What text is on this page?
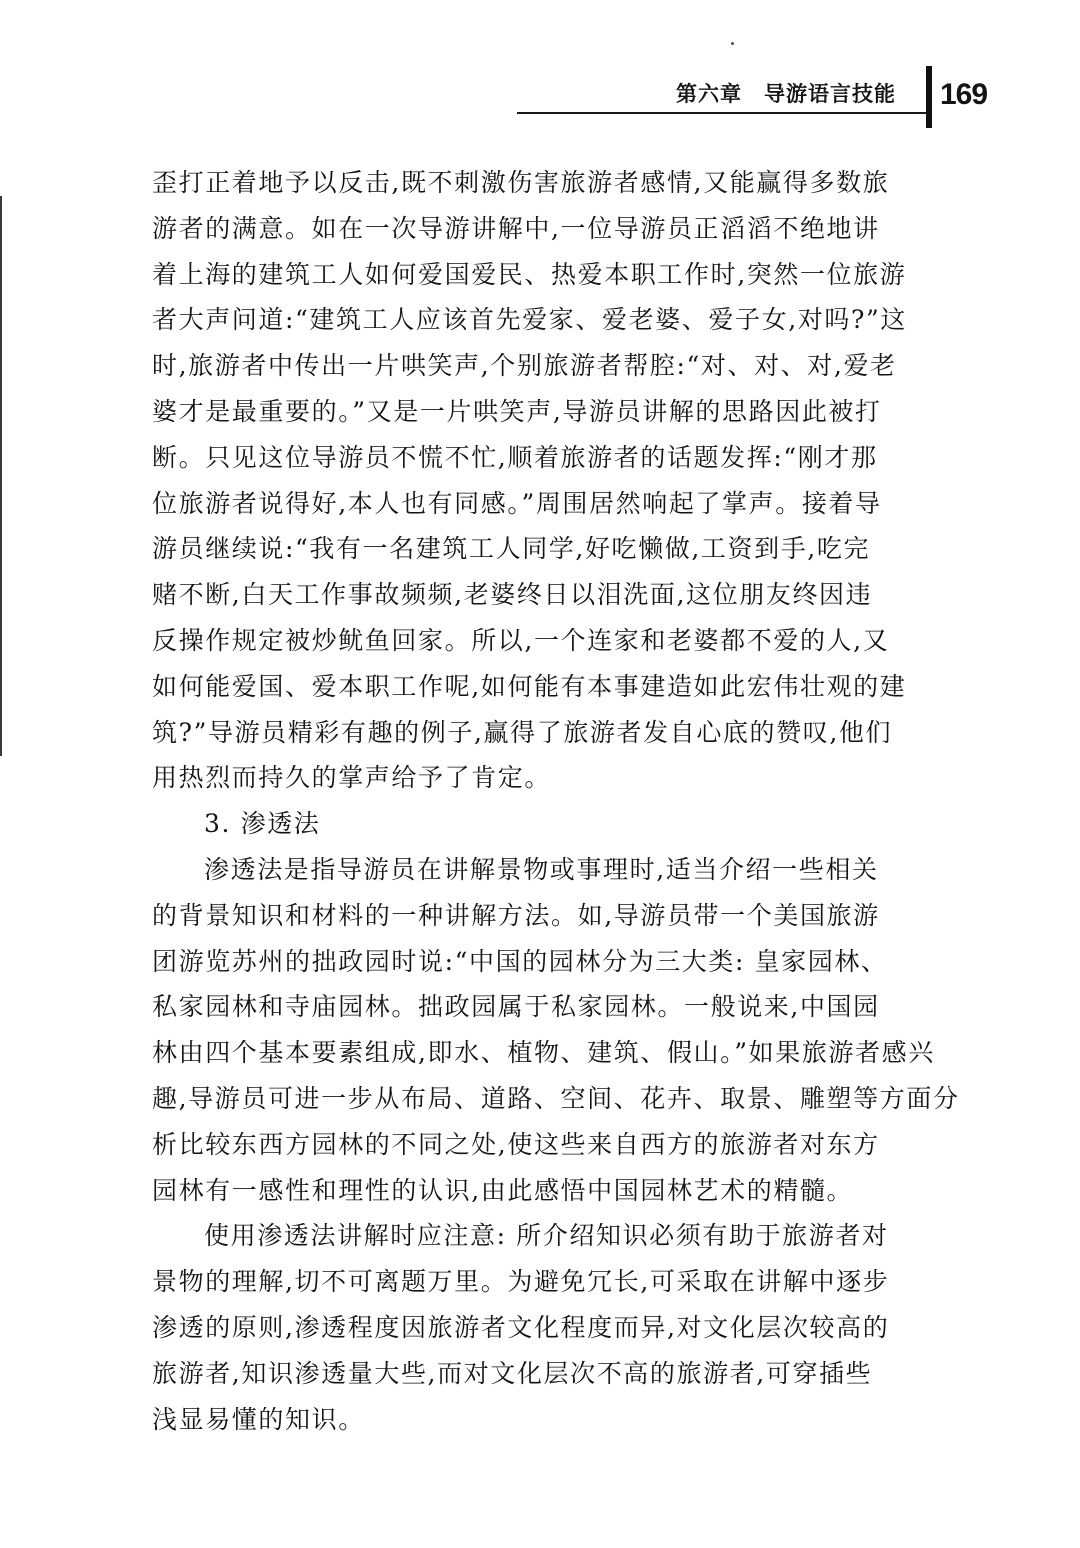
第六章　导游语言技能 169
歪打正着地予以反击,既不刺激伤害旅游者感情,又能赢得多数旅
游者的满意。如在一次导游讲解中,一位导游员正滔滔不绝地讲
着上海的建筑工人如何爱国爱民、热爱本职工作时,突然一位旅游
者大声问道:“建筑工人应该首先爱家、爱老婆、爱子女,对吗?”这
时,旅游者中传出一片哄笑声,个别旅游者帮腔:“对、对、对,爱老
婆才是最重要的。”又是一片哄笑声,导游员讲解的思路因此被打
断。只见这位导游员不慌不忙,顺着旅游者的话题发挥:“刚才那
位旅游者说得好,本人也有同感。”周围居然响起了掌声。接着导
游员继续说:“我有一名建筑工人同学,好吃懒做,工资到手,吃完
赌不断,白天工作事故频频,老婆终日以泪洗面,这位朋友终因违
反操作规定被炒鱿鱼回家。所以,一个连家和老婆都不爱的人,又
如何能爱国、爱本职工作呢,如何能有本事建造如此宏伟壮观的建
筑?”导游员精彩有趣的例子,赢得了旅游者发自心底的赞叹,他们
用热烈而持久的掌声给予了肯定。
3. 渗透法
渗透法是指导游员在讲解景物或事理时,适当介绍一些相关
的背景知识和材料的一种讲解方法。如,导游员带一个美国旅游
团游览苏州的拙政园时说:“中国的园林分为三大类: 皇家园林、
私家园林和寺庙园林。拙政园属于私家园林。一般说来,中国园
林由四个基本要素组成,即水、植物、建筑、假山。”如果旅游者感兴
趣,导游员可进一步从布局、道路、空间、花卉、取景、雕塑等方面分
析比较东西方园林的不同之处,使这些来自西方的旅游者对东方
园林有一感性和理性的认识,由此感悟中国园林艺术的精髓。
使用渗透法讲解时应注意: 所介绍知识必须有助于旅游者对
景物的理解,切不可离题万里。为避免冗长,可采取在讲解中逐步
渗透的原则,渗透程度因旅游者文化程度而异,对文化层次较高的
旅游者,知识渗透量大些,而对文化层次不高的旅游者,可穿插些
浅显易懂的知识。
